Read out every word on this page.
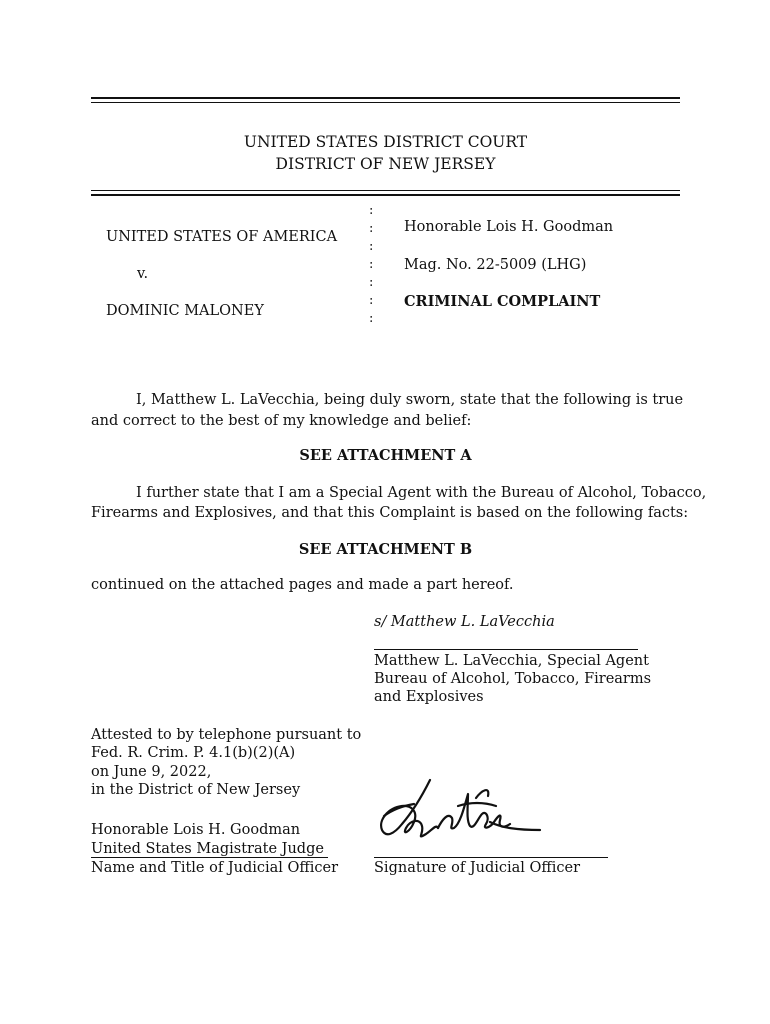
UNITED STATES DISTRICT COURT
DISTRICT OF NEW JERSEY
UNITED STATES OF AMERICA
v.
DOMINIC MALONEY
:
:
:
:
:
:
:
Honorable Lois H. Goodman
Mag. No. 22-5009 (LHG)
CRIMINAL COMPLAINT
I, Matthew L. LaVecchia, being duly sworn, state that the following is true
and correct to the best of my knowledge and belief:
SEE ATTACHMENT A
I further state that I am a Special Agent with the Bureau of Alcohol, Tobacco,
Firearms and Explosives, and that this Complaint is based on the following facts:
SEE ATTACHMENT B
continued on the attached pages and made a part hereof.
s/ Matthew L. LaVecchia
Matthew L. LaVecchia, Special Agent
Bureau of Alcohol, Tobacco, Firearms
and Explosives
Attested to by telephone pursuant to
Fed. R. Crim. P. 4.1(b)(2)(A)
on June 9, 2022,
in the District of New Jersey
Honorable Lois H. Goodman
United States Magistrate Judge
Name and Title of Judicial Officer Signature of Judicial Officer
